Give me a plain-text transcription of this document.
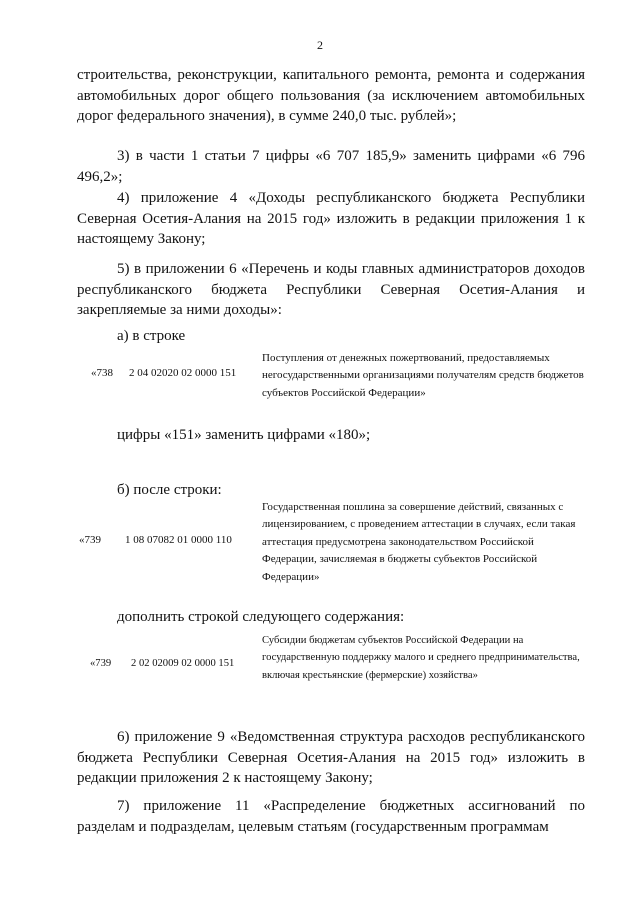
2
строительства, реконструкции, капитального ремонта, ремонта и содержания автомобильных дорог общего пользования (за исключением автомобильных дорог федерального значения), в сумме 240,0 тыс. рублей»;
3) в части 1 статьи 7 цифры «6 707 185,9» заменить цифрами «6 796 496,2»;
4) приложение 4 «Доходы республиканского бюджета Республики Северная Осетия-Алания на 2015 год» изложить в редакции приложения 1 к настоящему Закону;
5) в приложении 6 «Перечень и коды главных администраторов доходов республиканского бюджета Республики Северная Осетия-Алания и закрепляемые за ними доходы»:
а) в строке
«738 2 04 02020 02 0000 151
Поступления от денежных пожертвований, предоставляемых негосударственными организациями получателям средств бюджетов субъектов Российской Федерации»
цифры «151» заменить цифрами «180»;
б) после строки:
«739 1 08 07082 01 0000 110
Государственная пошлина за совершение действий, связанных с лицензированием, с проведением аттестации в случаях, если такая аттестация предусмотрена законодательством Российской Федерации, зачисляемая в бюджеты субъектов Российской Федерации»
дополнить строкой следующего содержания:
«739 2 02 02009 02 0000 151
Субсидии бюджетам субъектов Российской Федерации на государственную поддержку малого и среднего предпринимательства, включая крестьянские (фермерские) хозяйства»
6) приложение 9 «Ведомственная структура расходов республиканского бюджета Республики Северная Осетия-Алания на 2015 год» изложить в редакции приложения 2 к настоящему Закону;
7) приложение 11 «Распределение бюджетных ассигнований по разделам и подразделам, целевым статьям (государственным программам
